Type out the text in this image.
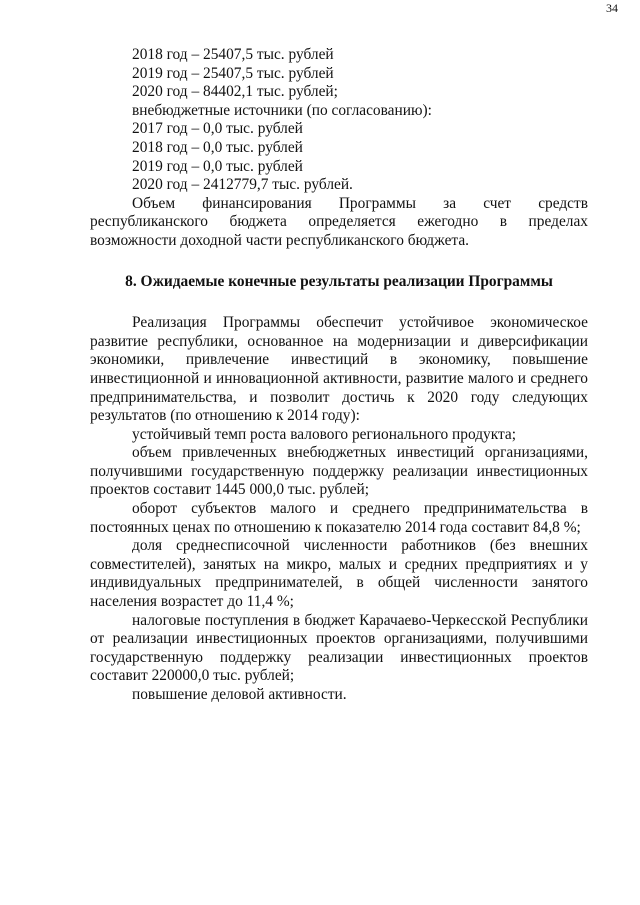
34

2018 год – 25407,5 тыс. рублей

2019 год – 25407,5 тыс. рублей

2020 год – 84402,1 тыс. рублей;

внебюджетные источники (по согласованию):

2017 год – 0,0 тыс. рублей

2018 год – 0,0 тыс. рублей

2019 год – 0,0 тыс. рублей

2020 год – 2412779,7 тыс. рублей.

Объем финансирования Программы за счет средств республиканского бюджета определяется ежегодно в пределах возможности доходной части республиканского бюджета.

8. Ожидаемые конечные результаты реализации Программы

Реализация Программы обеспечит устойчивое экономическое развитие республики, основанное на модернизации и диверсификации экономики, привлечение инвестиций в экономику, повышение инвестиционной и инновационной активности, развитие малого и среднего предпринимательства, и позволит достичь к 2020 году следующих результатов (по отношению к 2014 году):

устойчивый темп роста валового регионального продукта;

объем привлеченных внебюджетных инвестиций организациями, получившими государственную поддержку реализации инвестиционных проектов составит 1445 000,0 тыс. рублей;

оборот субъектов малого и среднего предпринимательства в постоянных ценах по отношению к показателю 2014 года составит 84,8 %;

доля среднесписочной численности работников (без внешних совместителей), занятых на микро, малых и средних предприятиях и у индивидуальных предпринимателей, в общей численности занятого населения возрастет до 11,4 %;

налоговые поступления в бюджет Карачаево-Черкесской Республики от реализации инвестиционных проектов организациями, получившими государственную поддержку реализации инвестиционных проектов составит 220000,0 тыс. рублей;

повышение деловой активности.
